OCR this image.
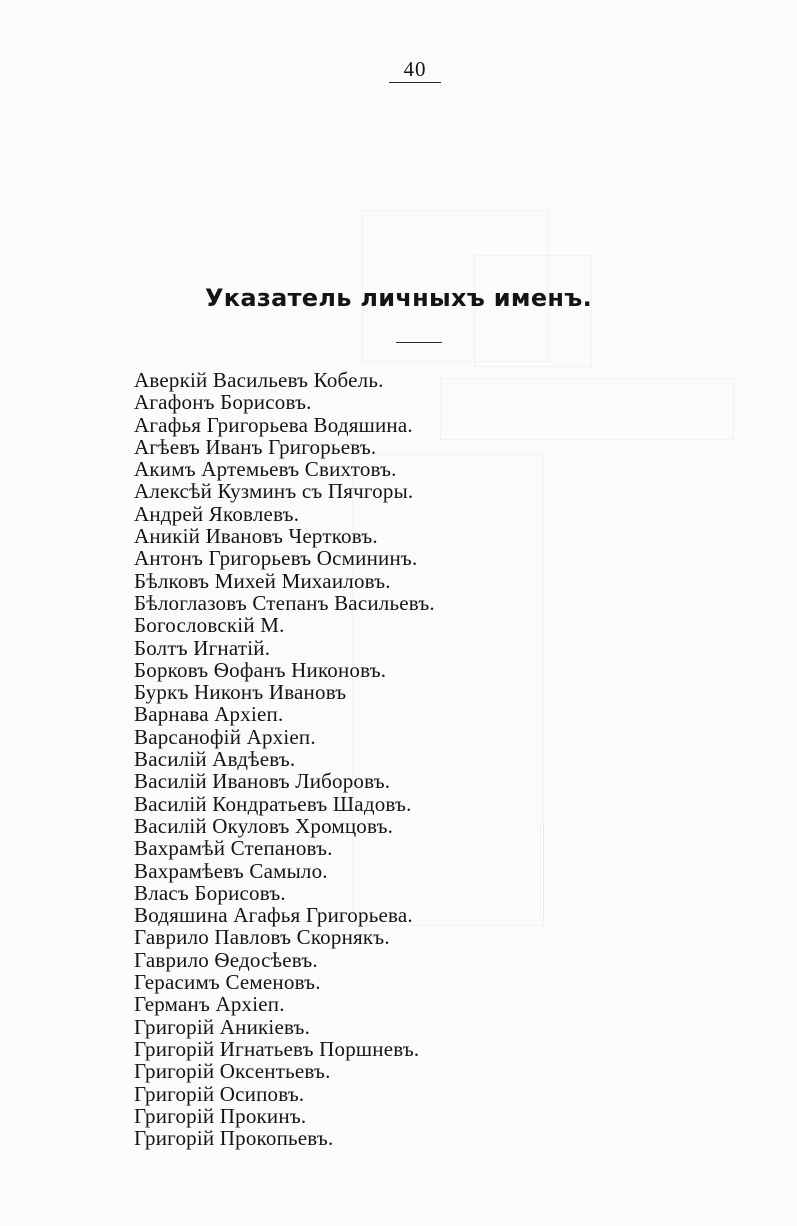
40
Указатель личныхъ именъ.
Аверкій Васильевъ Кобель.
Агафонъ Борисовъ.
Агафья Григорьева Водяшина.
Агѣевъ Иванъ Григорьевъ.
Акимъ Артемьевъ Свихтовъ.
Алексѣй Кузминъ съ Пячгоры.
Андрей Яковлевъ.
Аникій Ивановъ Чертковъ.
Антонъ Григорьевъ Осмининъ.
Бѣлковъ Михей Михаиловъ.
Бѣлоглазовъ Степанъ Васильевъ.
Богословскій М.
Болтъ Игнатій.
Борковъ Ѳофанъ Никоновъ.
Буркъ Никонъ Ивановъ
Варнава Архіеп.
Варсанофій Архіеп.
Василій Авдѣевъ.
Василій Ивановъ Либоровъ.
Василій Кондратьевъ Шадовъ.
Василій Окуловъ Хромцовъ.
Вахрамѣй Степановъ.
Вахрамѣевъ Самыло.
Власъ Борисовъ.
Водяшина Агафья Григорьева.
Гаврило Павловъ Скорнякъ.
Гаврило Ѳедосѣевъ.
Герасимъ Семеновъ.
Германъ Архіеп.
Григорій Аникіевъ.
Григорій Игнатьевъ Поршневъ.
Григорій Оксентьевъ.
Григорій Осиповъ.
Григорій Прокинъ.
Григорій Прокопьевъ.
